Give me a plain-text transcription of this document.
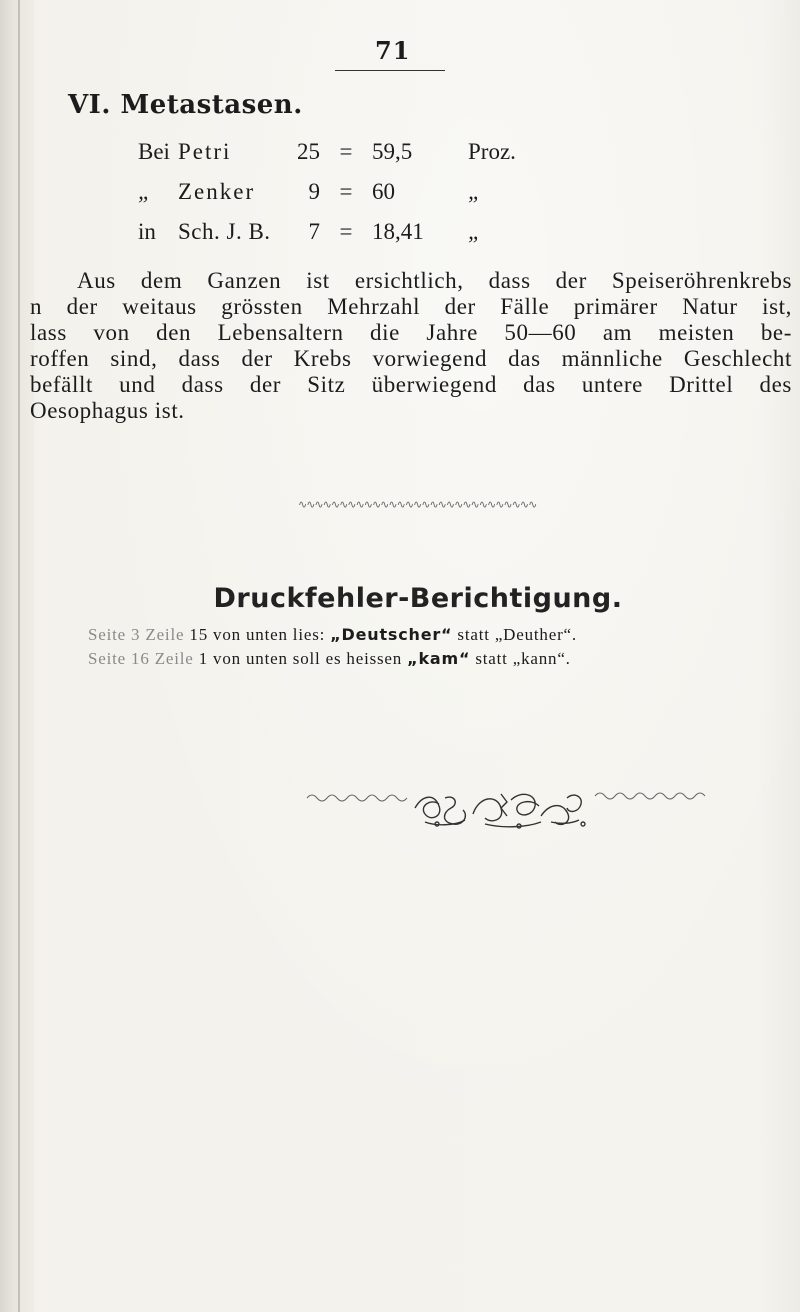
71
VI. Metastasen.
Bei	Petri	25	=	59,5	Proz.
„	Zenker	9	=	60	„
in	Sch. J. B.	7	=	18,41	„
Aus dem Ganzen ist ersichtlich, dass der Speiseröhrenkrebs
n der weitaus grössten Mehrzahl der Fälle primärer Natur ist,
lass von den Lebensaltern die Jahre 50—60 am meisten be-
roffen sind, dass der Krebs vorwiegend das männliche Geschlecht
befällt und dass der Sitz überwiegend das untere Drittel des
Oesophagus ist.
∿∿∿∿∿∿∿∿∿∿∿∿∿∿∿∿∿∿∿∿∿∿∿∿∿∿∿∿∿
Druckfehler-Berichtigung.
Seite 3 Zeile 15 von unten lies: „Deutscher“ statt „Deuther“.
Seite 16 Zeile 1 von unten soll es heissen „kam“ statt „kann“.
